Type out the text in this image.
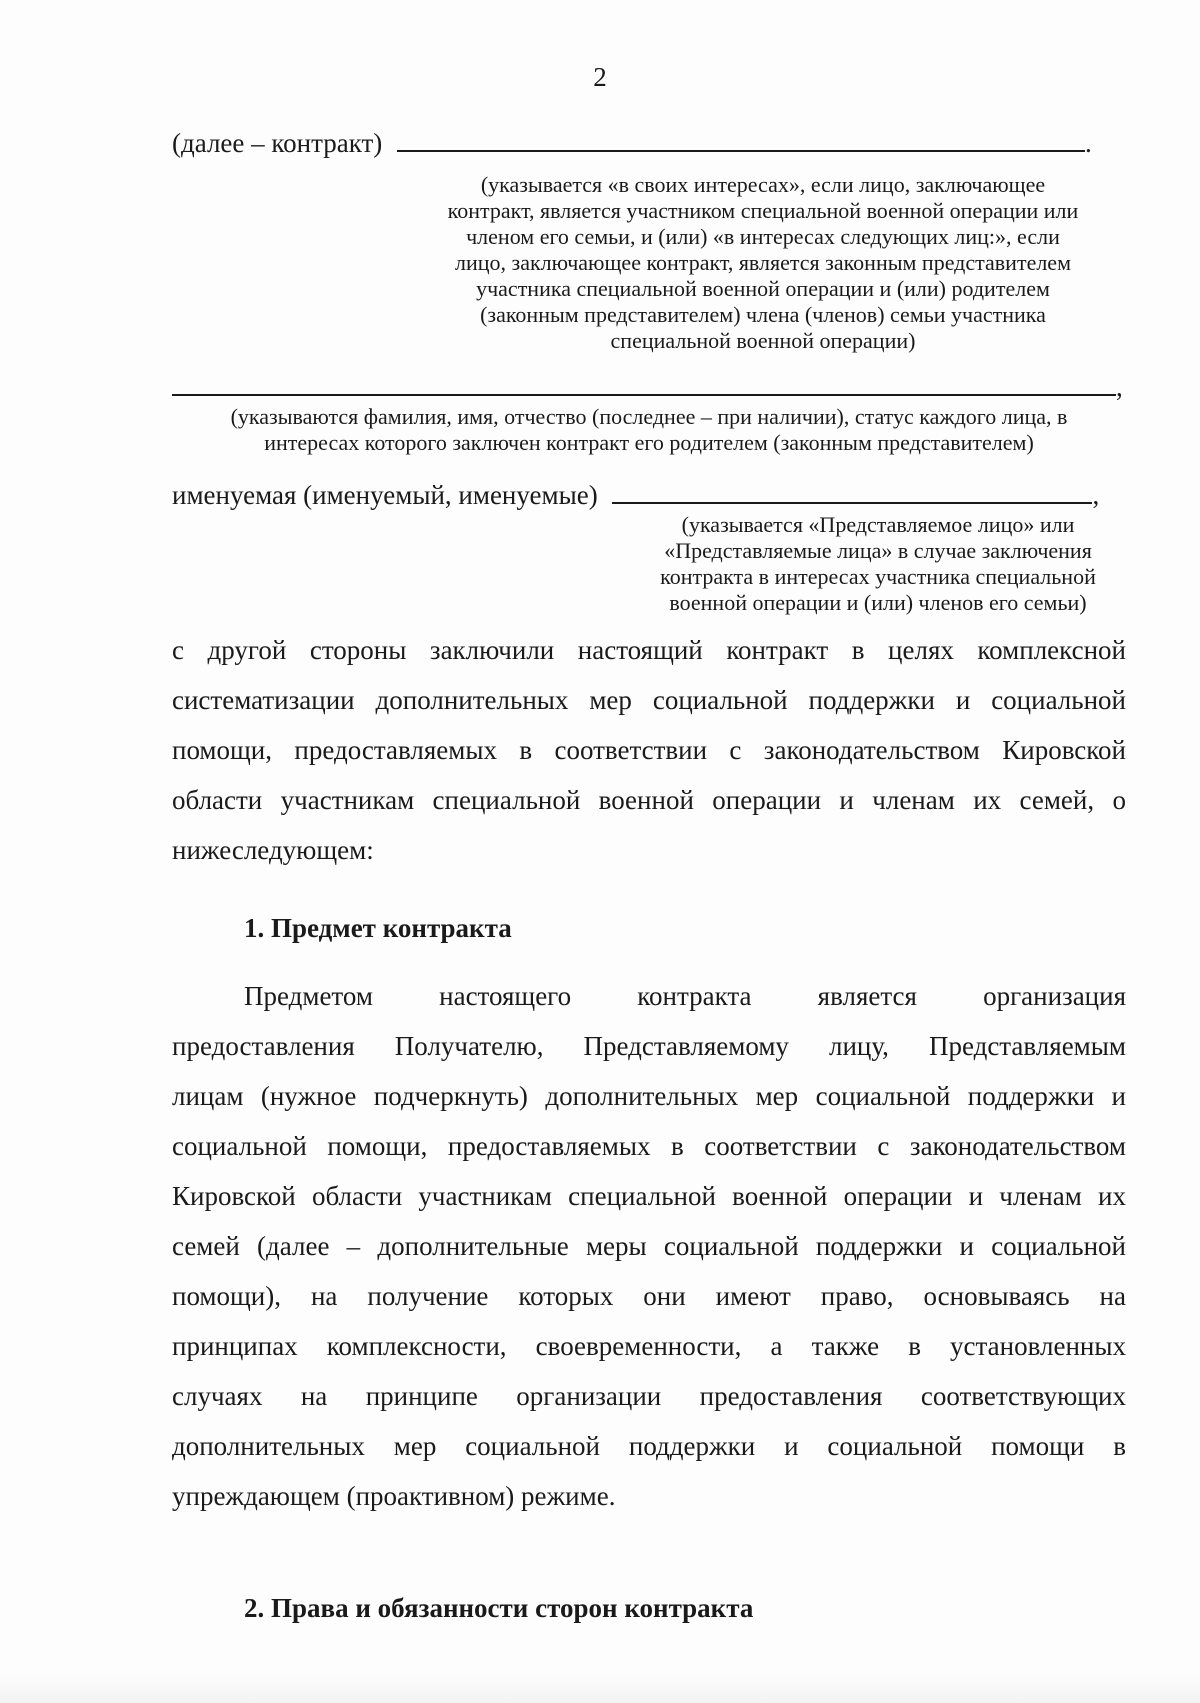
2
(далее – контракт)	.
(указывается «в своих интересах», если лицо, заключающее
контракт, является участником специальной военной операции или
членом его семьи, и (или) «в интересах следующих лиц:», если
лицо, заключающее контракт, является законным представителем
участника специальной военной операции и (или) родителем
(законным представителем) члена (членов) семьи участника
специальной военной операции)
,
(указываются фамилия, имя, отчество (последнее – при наличии), статус каждого лица, в
интересах которого заключен контракт его родителем (законным представителем)
именуемая (именуемый, именуемые)	,
(указывается «Представляемое лицо» или
«Представляемые лица» в случае заключения
контракта в интересах участника специальной
военной операции и (или) членов его семьи)
с другой стороны заключили настоящий контракт в целях комплексной
систематизации дополнительных мер социальной поддержки и социальной
помощи, предоставляемых в соответствии с законодательством Кировской
области участникам специальной военной операции и членам их семей, о
нижеследующем:
1. Предмет контракта
Предметом настоящего контракта является организация
предоставления Получателю, Представляемому лицу, Представляемым
лицам (нужное подчеркнуть) дополнительных мер социальной поддержки и
социальной помощи, предоставляемых в соответствии с законодательством
Кировской области участникам специальной военной операции и членам их
семей (далее – дополнительные меры социальной поддержки и социальной
помощи), на получение которых они имеют право, основываясь на
принципах комплексности, своевременности, а также в установленных
случаях на принципе организации предоставления соответствующих
дополнительных мер социальной поддержки и социальной помощи в
упреждающем (проактивном) режиме.
2. Права и обязанности сторон контракта
